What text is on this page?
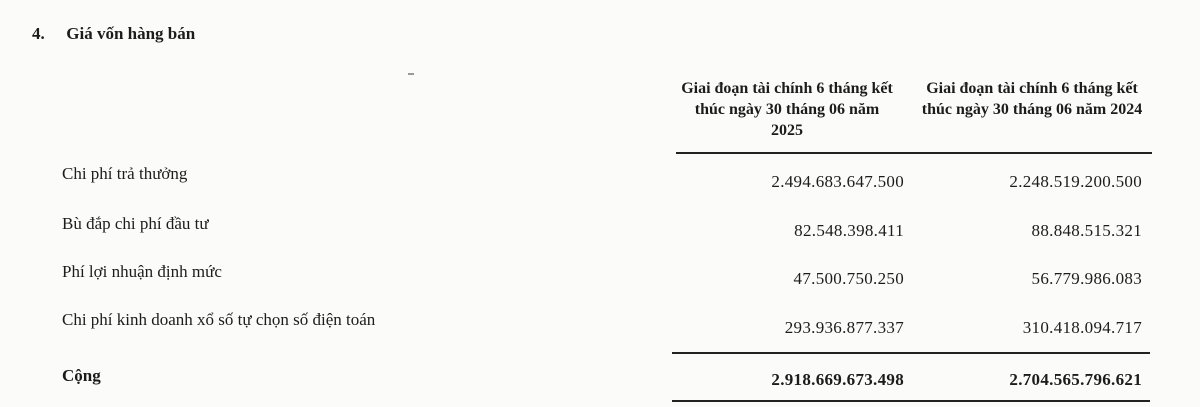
4. Giá vốn hàng bán
Giai đoạn tài chính 6 tháng kết thúc ngày 30 tháng 06 năm 2025
Giai đoạn tài chính 6 tháng kết thúc ngày 30 tháng 06 năm 2024
Chi phí trả thưởng	2.494.683.647.500	2.248.519.200.500
Bù đắp chi phí đầu tư	82.548.398.411	88.848.515.321
Phí lợi nhuận định mức	47.500.750.250	56.779.986.083
Chi phí kinh doanh xổ số tự chọn số điện toán	293.936.877.337	310.418.094.717
Cộng	2.918.669.673.498	2.704.565.796.621
